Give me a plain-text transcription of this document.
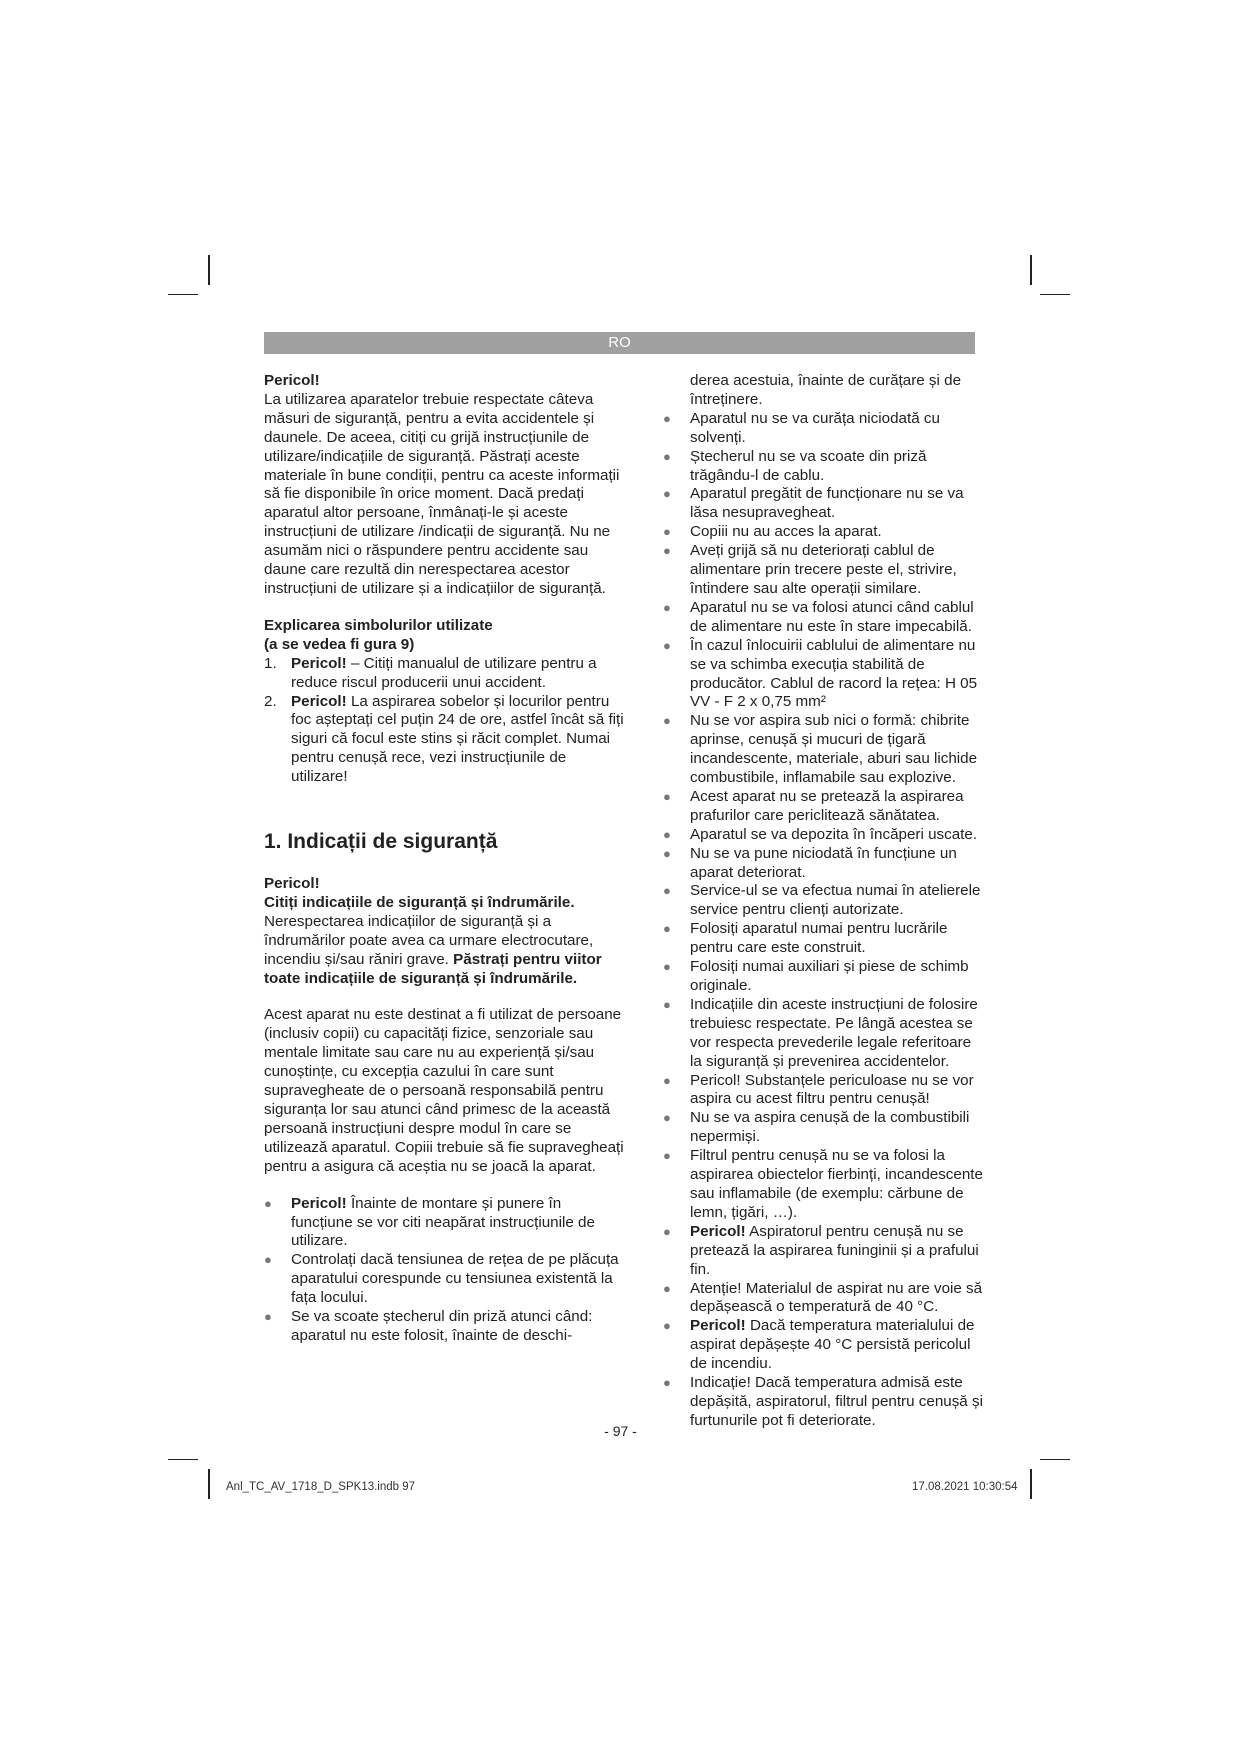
RO

Pericol!

La utilizarea aparatelor trebuie respectate câteva măsuri de siguranță, pentru a evita accidentele și daunele. De aceea, citiți cu grijă instrucțiunile de utilizare/indicațiile de siguranță. Păstrați aceste materiale în bune condiții, pentru ca aceste informații să fie disponibile în orice moment. Dacă predați aparatul altor persoane, înmânați-le și aceste instrucțiuni de utilizare /indicații de siguranță. Nu ne asumăm nici o răspundere pentru accidente sau daune care rezultă din nerespectarea acestor instrucțiuni de utilizare și a indicațiilor de siguranță.

Explicarea simbolurilor utilizate

(a se vedea fi gura 9)

1. Pericol! – Citiți manualul de utilizare pentru a reduce riscul producerii unui accident.
2. Pericol! La aspirarea sobelor și locurilor pentru foc așteptați cel puțin 24 de ore, astfel încât să fiți siguri că focul este stins și răcit complet. Numai pentru cenușă rece, vezi instrucțiunile de utilizare!

1. Indicații de siguranță

Pericol!

Citiți indicațiile de siguranță și îndrumările. Nerespectarea indicațiilor de siguranță și a îndrumărilor poate avea ca urmare electrocutare, incendiu și/sau răniri grave. Păstrați pentru viitor toate indicațiile de siguranță și îndrumările.

Acest aparat nu este destinat a fi utilizat de persoane (inclusiv copii) cu capacități fizice, senzoriale sau mentale limitate sau care nu au experiență și/sau cunoștințe, cu excepția cazului în care sunt supravegheate de o persoană responsabilă pentru siguranța lor sau atunci când primesc de la această persoană instrucțiuni despre modul în care se utilizează aparatul. Copiii trebuie să fie supravegheați pentru a asigura că aceștia nu se joacă la aparat.

● Pericol! Înainte de montare și punere în funcțiune se vor citi neapărat instrucțiunile de utilizare.
● Controlați dacă tensiunea de rețea de pe plăcuța aparatului corespunde cu tensiunea existentă la fața locului.
● Se va scoate ștecherul din priză atunci când: aparatul nu este folosit, înainte de deschi-

derea acestuia, înainte de curățare și de întreținere.

● Aparatul nu se va curăța niciodată cu solvenți.
● Ștecherul nu se va scoate din priză trăgându-l de cablu.
● Aparatul pregătit de funcționare nu se va lăsa nesupravegheat.
● Copiii nu au acces la aparat.
● Aveți grijă să nu deteriorați cablul de alimentare prin trecere peste el, strivire, întindere sau alte operații similare.
● Aparatul nu se va folosi atunci când cablul de alimentare nu este în stare impecabilă.
● În cazul înlocuirii cablului de alimentare nu se va schimba execuția stabilită de producător. Cablul de racord la rețea: H 05 VV - F 2 x 0,75 mm²
● Nu se vor aspira sub nici o formă: chibrite aprinse, cenușă și mucuri de țigară incandescente, materiale, aburi sau lichide combustibile, inflamabile sau explozive.
● Acest aparat nu se pretează la aspirarea prafurilor care periclitează sănătatea.
● Aparatul se va depozita în încăperi uscate.
● Nu se va pune niciodată în funcțiune un aparat deteriorat.
● Service-ul se va efectua numai în atelierele service pentru clienți autorizate.
● Folosiți aparatul numai pentru lucrările pentru care este construit.
● Folosiți numai auxiliari și piese de schimb originale.
● Indicațiile din aceste instrucțiuni de folosire trebuiesc respectate. Pe lângă acestea se vor respecta prevederile legale referitoare la siguranță și prevenirea accidentelor.
● Pericol! Substanțele periculoase nu se vor aspira cu acest filtru pentru cenușă!
● Nu se va aspira cenușă de la combustibili nepermiși.
● Filtrul pentru cenușă nu se va folosi la aspirarea obiectelor fierbinți, incandescente sau inflamabile (de exemplu: cărbune de lemn, țigări, …).
● Pericol! Aspiratorul pentru cenușă nu se pretează la aspirarea funinginii și a prafului fin.
● Atenție! Materialul de aspirat nu are voie să depășească o temperatură de 40 °C.
● Pericol! Dacă temperatura materialului de aspirat depășește 40 °C persistă pericolul de incendiu.
● Indicație! Dacă temperatura admisă este depășită, aspiratorul, filtrul pentru cenușă și furtunurile pot fi deteriorate.
- 97 -
Anl_TC_AV_1718_D_SPK13.indb 97	17.08.2021 10:30:54
